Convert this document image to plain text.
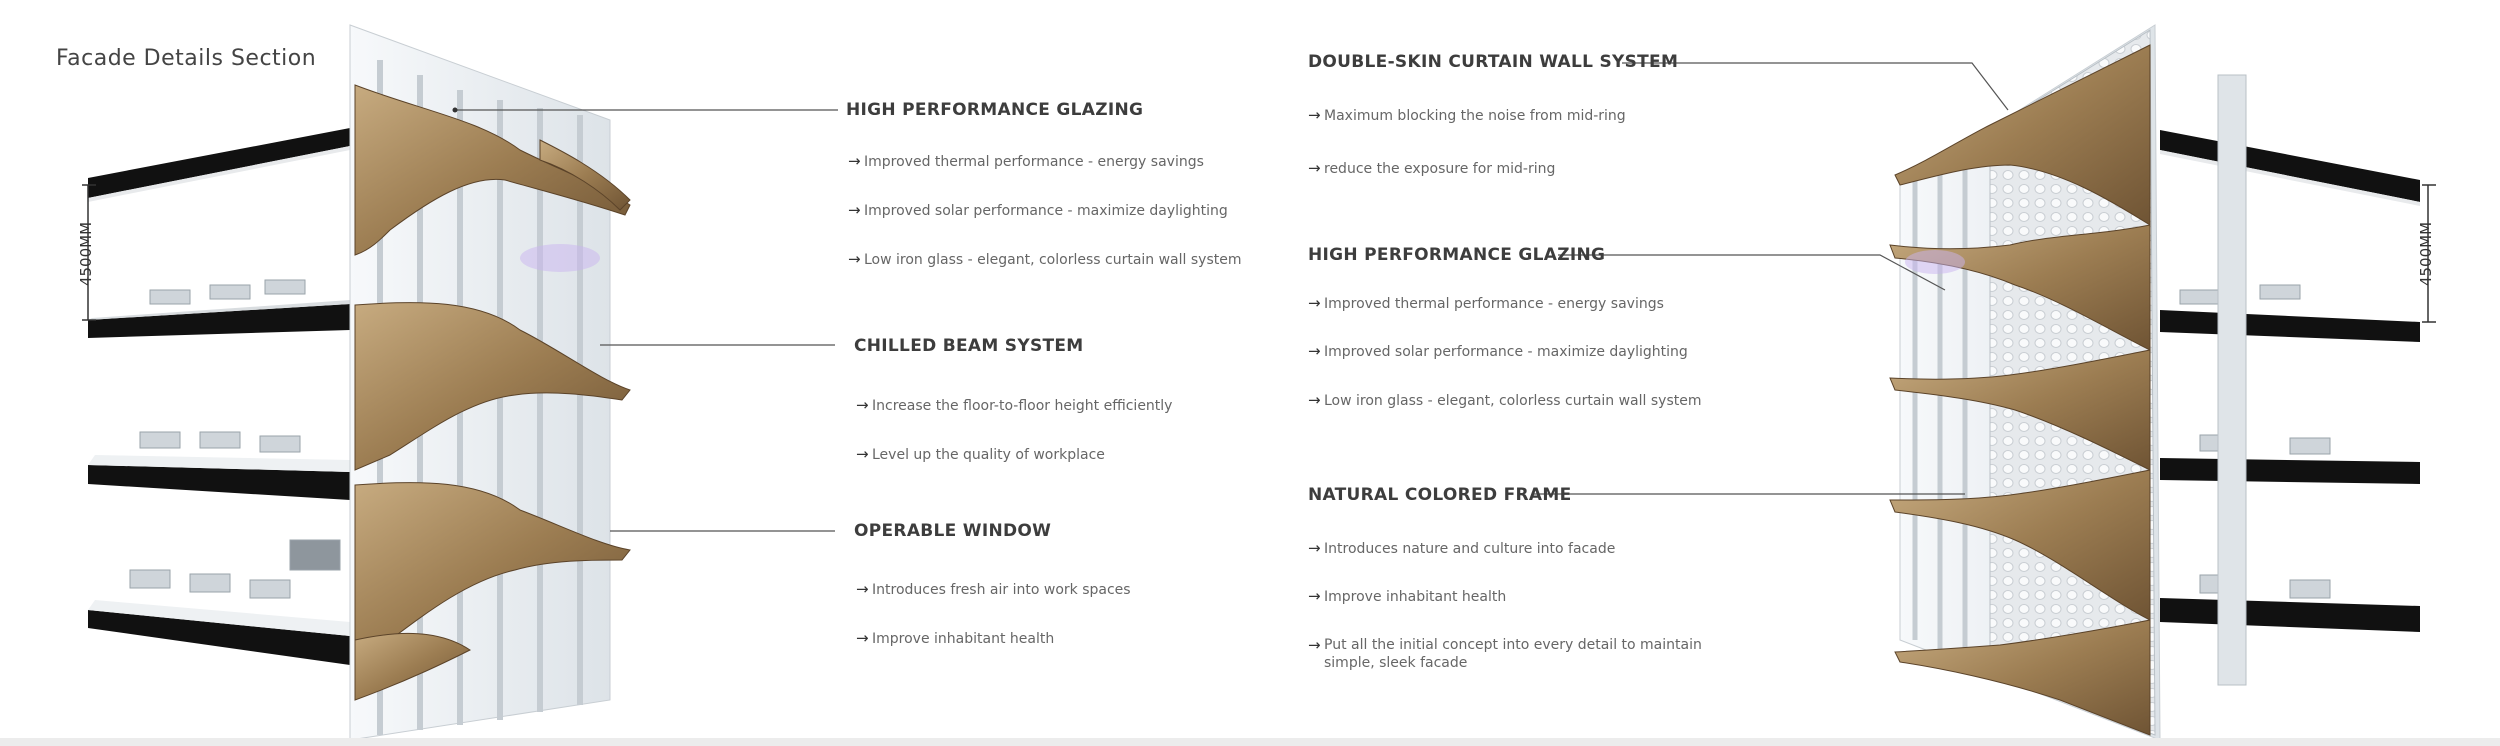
Facade Details Section
4500MM	4500MM
HIGH PERFORMANCE GLAZING
→ Improved thermal performance - energy savings
→ Improved solar performance - maximize daylighting
→ Low iron glass - elegant, colorless curtain wall system
CHILLED BEAM SYSTEM
→ Increase the floor-to-floor height efficiently
→ Level up the quality of workplace
OPERABLE WINDOW
→ Introduces fresh air into work spaces
→ Improve inhabitant health
DOUBLE-SKIN CURTAIN WALL SYSTEM
→ Maximum blocking the noise from mid-ring
→ reduce the exposure for mid-ring
HIGH PERFORMANCE GLAZING
→ Improved thermal performance - energy savings
→ Improved solar performance - maximize daylighting
→ Low iron glass - elegant, colorless curtain wall system
NATURAL COLORED FRAME
→ Introduces nature and culture into facade
→ Improve inhabitant health
→ Put all the initial concept into every detail to maintain simple, sleek facade
